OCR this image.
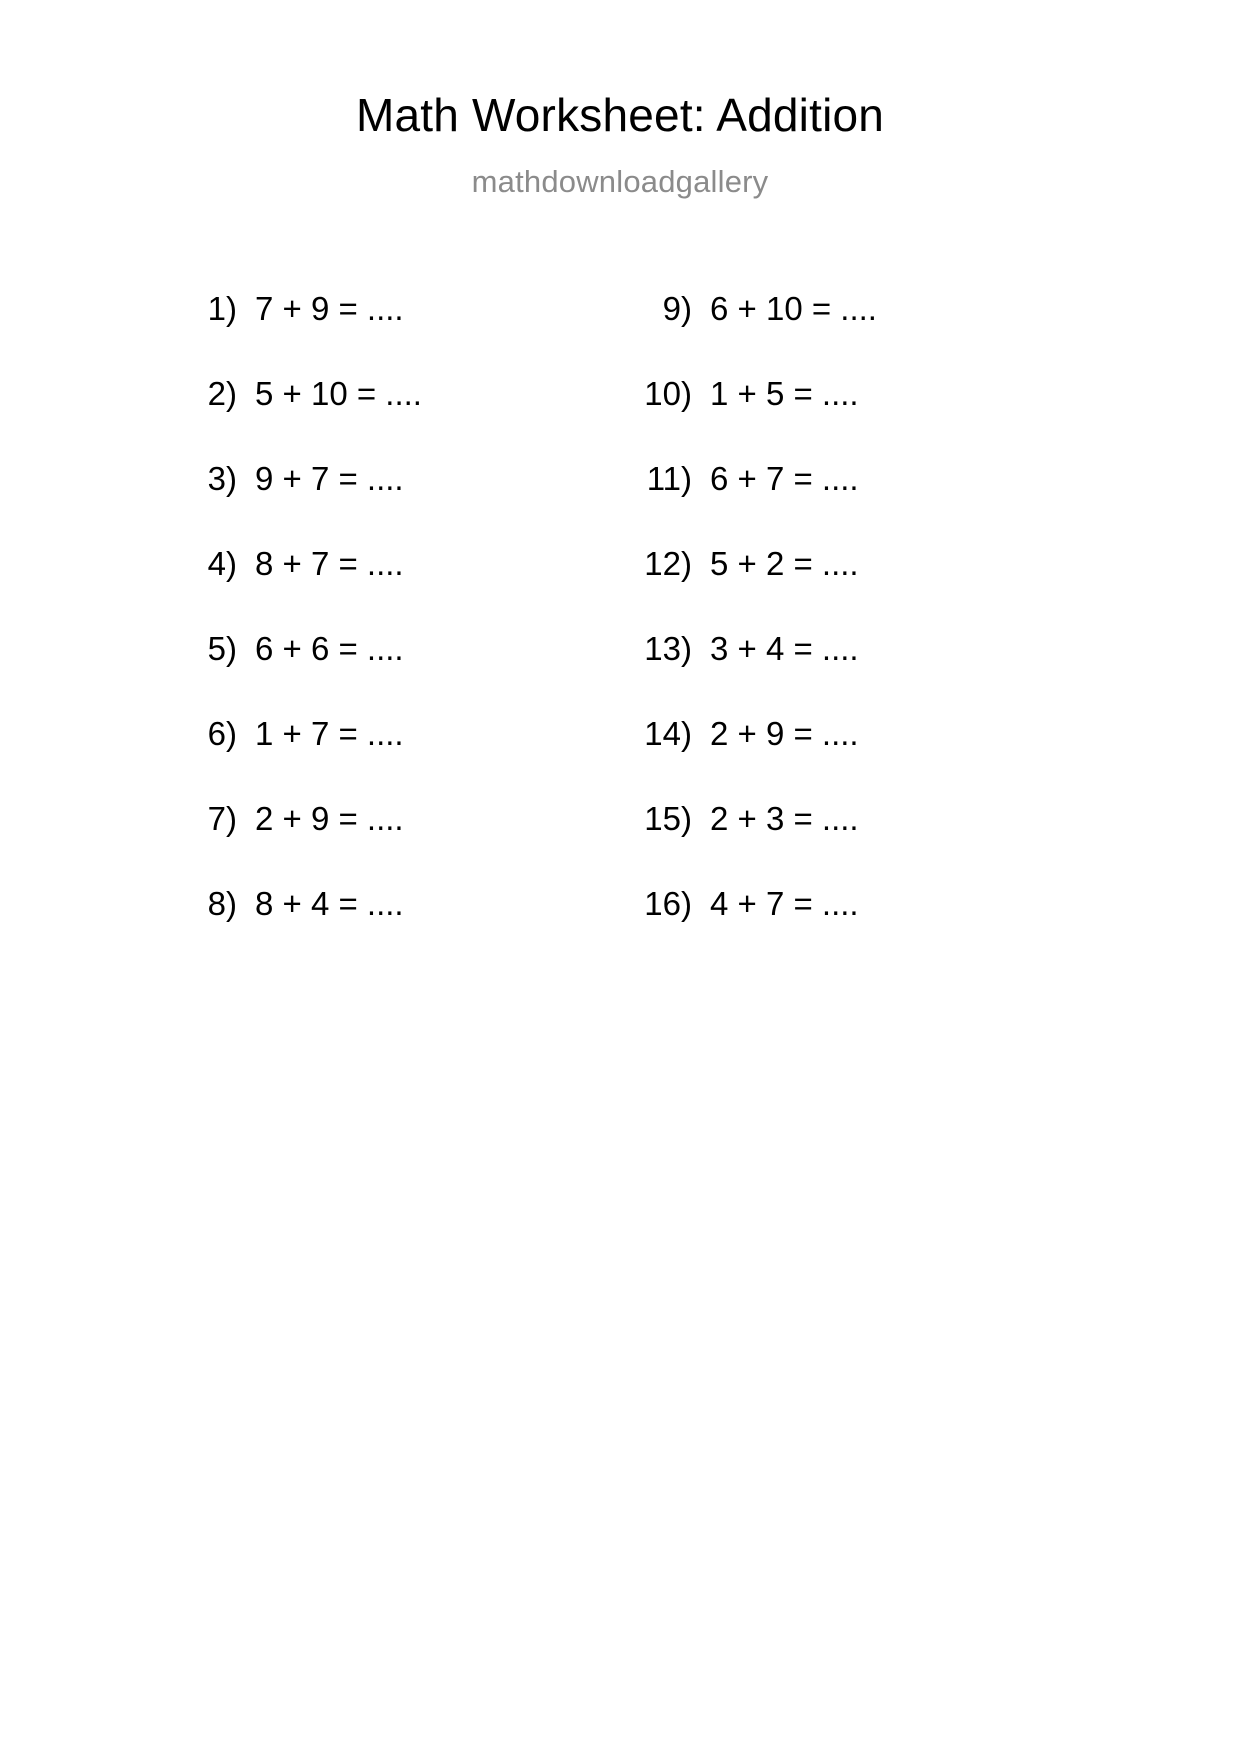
Math Worksheet: Addition
mathdownloadgallery
1) 7 + 9 = ....
2) 5 + 10 = ....
3) 9 + 7 = ....
4) 8 + 7 = ....
5) 6 + 6 = ....
6) 1 + 7 = ....
7) 2 + 9 = ....
8) 8 + 4 = ....
9) 6 + 10 = ....
10) 1 + 5 = ....
11) 6 + 7 = ....
12) 5 + 2 = ....
13) 3 + 4 = ....
14) 2 + 9 = ....
15) 2 + 3 = ....
16) 4 + 7 = ....
